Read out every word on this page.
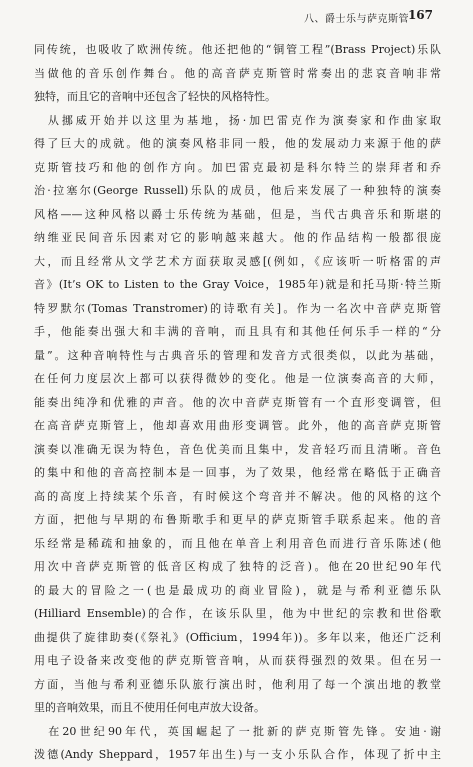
八、爵士乐与萨克斯管
167
同传统，也吸收了欧洲传统。他还把他的“铜管工程”(Brass Project)乐队
当做他的音乐创作舞台。他的高音萨克斯管时常奏出的悲哀音响非常
独特，而且它的音响中还包含了轻快的风格特性。
　从挪威开始并以这里为基地，扬·加巴雷克作为演奏家和作曲家取
得了巨大的成就。他的演奏风格非同一般，他的发展动力来源于他的萨
克斯管技巧和他的创作方向。加巴雷克最初是科尔特兰的崇拜者和乔
治·拉塞尔(George Russell)乐队的成员，他后来发展了一种独特的演奏
风格——这种风格以爵士乐传统为基础，但是，当代古典音乐和斯堪的
纳维亚民间音乐因素对它的影响越来越大。他的作品结构一般都很庞
大，而且经常从文学艺术方面获取灵感[(例如，《应该听一听格雷的声
音》(It’s OK to Listen to the Gray Voice，1985年)就是和托马斯·特兰斯
特罗默尔(Tomas Transtromer)的诗歌有关]。作为一名次中音萨克斯管
手，他能奏出强大和丰满的音响，而且具有和其他任何乐手一样的“分
量”。这种音响特性与古典音乐的管理和发音方式很类似，以此为基础，
在任何力度层次上都可以获得微妙的变化。他是一位演奏高音的大师，
能奏出纯净和优雅的声音。他的次中音萨克斯管有一个直形变调管，但
在高音萨克斯管上，他却喜欢用曲形变调管。此外，他的高音萨克斯管
演奏以准确无误为特色，音色优美而且集中，发音轻巧而且清晰。音色
的集中和他的音高控制本是一回事，为了效果，他经常在略低于正确音
高的高度上持续某个乐音，有时候这个弯音并不解决。他的风格的这个
方面，把他与早期的布鲁斯歌手和更早的萨克斯管手联系起来。他的音
乐经常是稀疏和抽象的，而且他在单音上利用音色而进行音乐陈述(他
用次中音萨克斯管的低音区构成了独特的泛音)。他在20世纪90年代
的最大的冒险之一(也是最成功的商业冒险)，就是与希利亚德乐队
(Hilliard Ensemble)的合作，在该乐队里，他为中世纪的宗教和世俗歌
曲提供了旋律助奏(《祭礼》(Officium，1994年))。多年以来，他还广泛利
用电子设备来改变他的萨克斯管音响，从而获得强烈的效果。但在另一
方面，当他与希利亚德乐队旅行演出时，他利用了每一个演出地的教堂
里的音响效果，而且不使用任何电声放大设备。
　在20世纪90年代，英国崛起了一批新的萨克斯管先锋。安迪·谢
泼德(Andy Sheppard，1957年出生)与一支小乐队合作，体现了折中主
